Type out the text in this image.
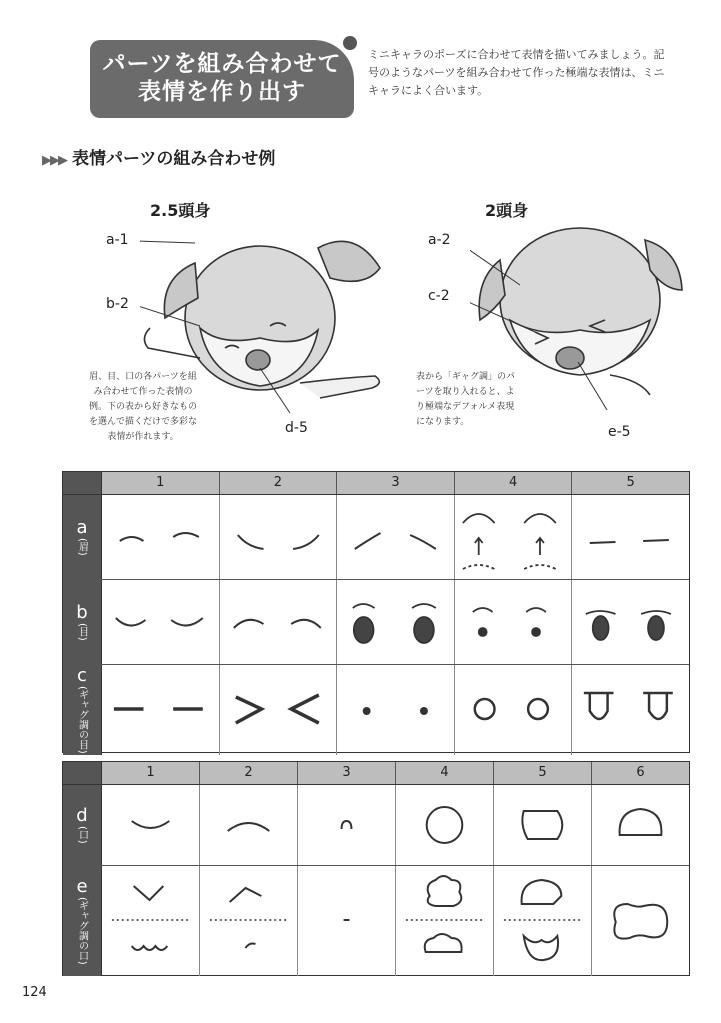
パーツを組み合わせて
表情を作り出す
ミニキャラのポーズに合わせて表情を描いてみましょう。記号のようなパーツを組み合わせて作った極端な表情は、ミニキャラによく合います。
▶▶▶ 表情パーツの組み合わせ例
2.5頭身
a-1
b-2
d-5
眉、目、口の各パーツを組み合わせて作った表情の例。下の表から好きなものを選んで描くだけで多彩な表情が作れます。
2頭身
a-2
c-2
e-5
表から「ギャグ調」のパーツを取り入れると、より極端なデフォルメ表現になります。
1	2	3	4	5
a
(眉)
b
(目)
c
(ギャグ調の目)
1	2	3	4	5	6
d
(口)
e
(ギャグ調の口)
124
